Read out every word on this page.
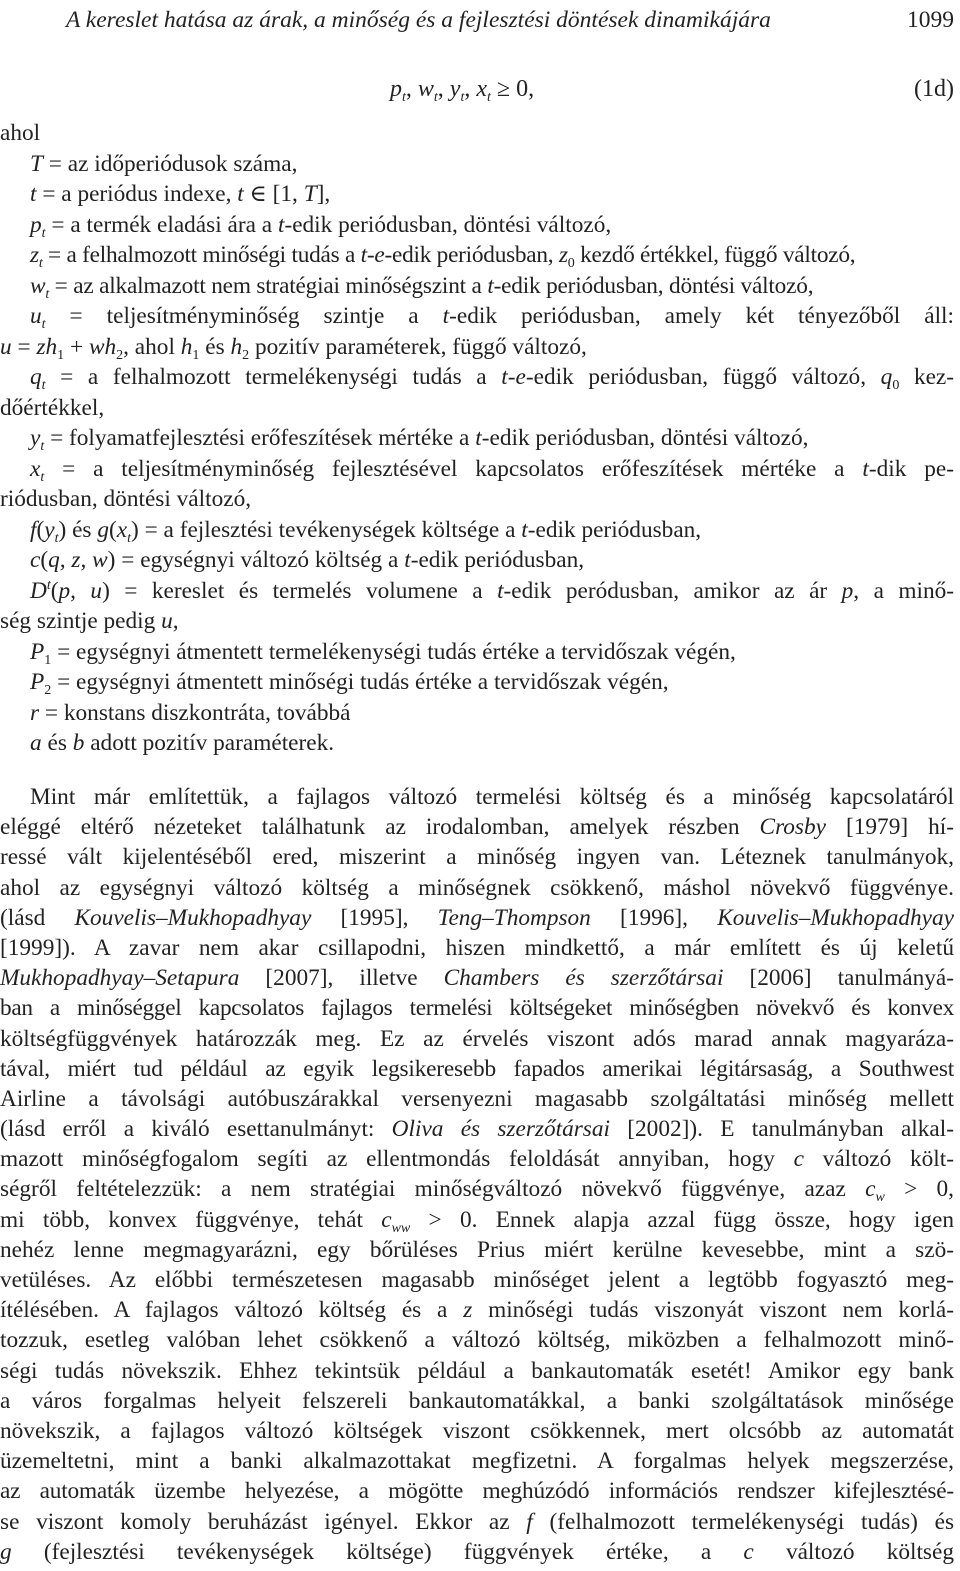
A kereslet hatása az árak, a minőség és a fejlesztési döntések dinamikájára	1099
$p_t$, $w_t$, $y_t$, $x_t \ge 0$,	(1d)
ahol
T = az időperiódusok száma,
t = a periódus indexe, t ∈ [1, T],
$p_t = a$ termék eladási ára a t-edik periódusban, döntési változó,
$z_t = a$ felhalmozott minőségi tudás a t-e-edik periódusban, $z_0$ kezdő értékkel, függő változó,
$w_t$ = az alkalmazott nem stratégiai minőségszint a t-edik periódusban, döntési változó,
$u_t$ = teljesítményminőség szintje a t-edik periódusban, amely két tényezőből áll:
$u = zh_1 + wh_2$, ahol $h_1$ és $h_2$ pozitív paraméterek, függő változó,
$q_t = a$ felhalmozott termelékenységi tudás a t-e-edik periódusban, függő változó, $q_0$ kez-
dőértékkel,
$y_t$ = folyamatfejlesztési erőfeszítések mértéke a t-edik periódusban, döntési változó,
$x_t = a$ teljesítményminőség fejlesztésével kapcsolatos erőfeszítések mértéke a t-dik pe-
riódusban, döntési változó,
$f(y_t)$ és $g(x_t) = a$ fejlesztési tevékenységek költsége a t-edik periódusban,
c(q, z, w) = egységnyi változó költség a t-edik periódusban,
$D^t(p$, u) = kereslet és termelés volumene a t-edik peródusban, amikor az ár p, a minő-
ség szintje pedig u,
$P_1$ = egységnyi átmentett termelékenységi tudás értéke a tervidőszak végén,
$P_2$ = egységnyi átmentett minőségi tudás értéke a tervidőszak végén,
r = konstans diszkontráta, továbbá
a és b adott pozitív paraméterek.
Mint már említettük, a fajlagos változó termelési költség és a minőség kapcsolatáról
eléggé eltérő nézeteket találhatunk az irodalomban, amelyek részben Crosby [1979] hí-
ressé vált kijelentéséből ered, miszerint a minőség ingyen van. Léteznek tanulmányok,
ahol az egységnyi változó költség a minőségnek csökkenő, máshol növekvő függvénye.
(lásd Kouvelis–Mukhopadhyay [1995], Teng–Thompson [1996], Kouvelis–Mukhopadhyay
[1999]). A zavar nem akar csillapodni, hiszen mindkettő, a már említett és új keletű
Mukhopadhyay–Setapura [2007], illetve Chambers és szerzőtársai [2006] tanulmányá-
ban a minőséggel kapcsolatos fajlagos termelési költségeket minőségben növekvő és konvex
költségfüggvények határozzák meg. Ez az érvelés viszont adós marad annak magyaráza-
tával, miért tud például az egyik legsikeresebb fapados amerikai légitársaság, a Southwest
Airline a távolsági autóbuszárakkal versenyezni magasabb szolgáltatási minőség mellett
(lásd erről a kiváló esettanulmányt: Oliva és szerzőtársai [2002]). E tanulmányban alkal-
mazott minőségfogalom segíti az ellentmondás feloldását annyiban, hogy c változó költ-
ségről feltételezzük: a nem stratégiai minőségváltozó növekvő függvénye, azaz $c_w > 0$,
mi több, konvex függvénye, tehát $c_{ww} > 0$. Ennek alapja azzal függ össze, hogy igen
nehéz lenne megmagyarázni, egy bőrüléses Prius miért kerülne kevesebbe, mint a szö-
vetüléses. Az előbbi természetesen magasabb minőséget jelent a legtöbb fogyasztó meg-
ítélésében. A fajlagos változó költség és a z minőségi tudás viszonyát viszont nem korlá-
tozzuk, esetleg valóban lehet csökkenő a változó költség, miközben a felhalmozott minő-
ségi tudás növekszik. Ehhez tekintsük például a bankautomaták esetét! Amikor egy bank
a város forgalmas helyeit felszereli bankautomatákkal, a banki szolgáltatások minősége
növekszik, a fajlagos változó költségek viszont csökkennek, mert olcsóbb az automatát
üzemeltetni, mint a banki alkalmazottakat megfizetni. A forgalmas helyek megszerzése,
az automaták üzembe helyezése, a mögötte meghúzódó információs rendszer kifejlesztésé-
se viszont komoly beruházást igényel. Ekkor az f (felhalmozott termelékenységi tudás) és
g (fejlesztési tevékenységek költsége) függvények értéke, a c változó költség
